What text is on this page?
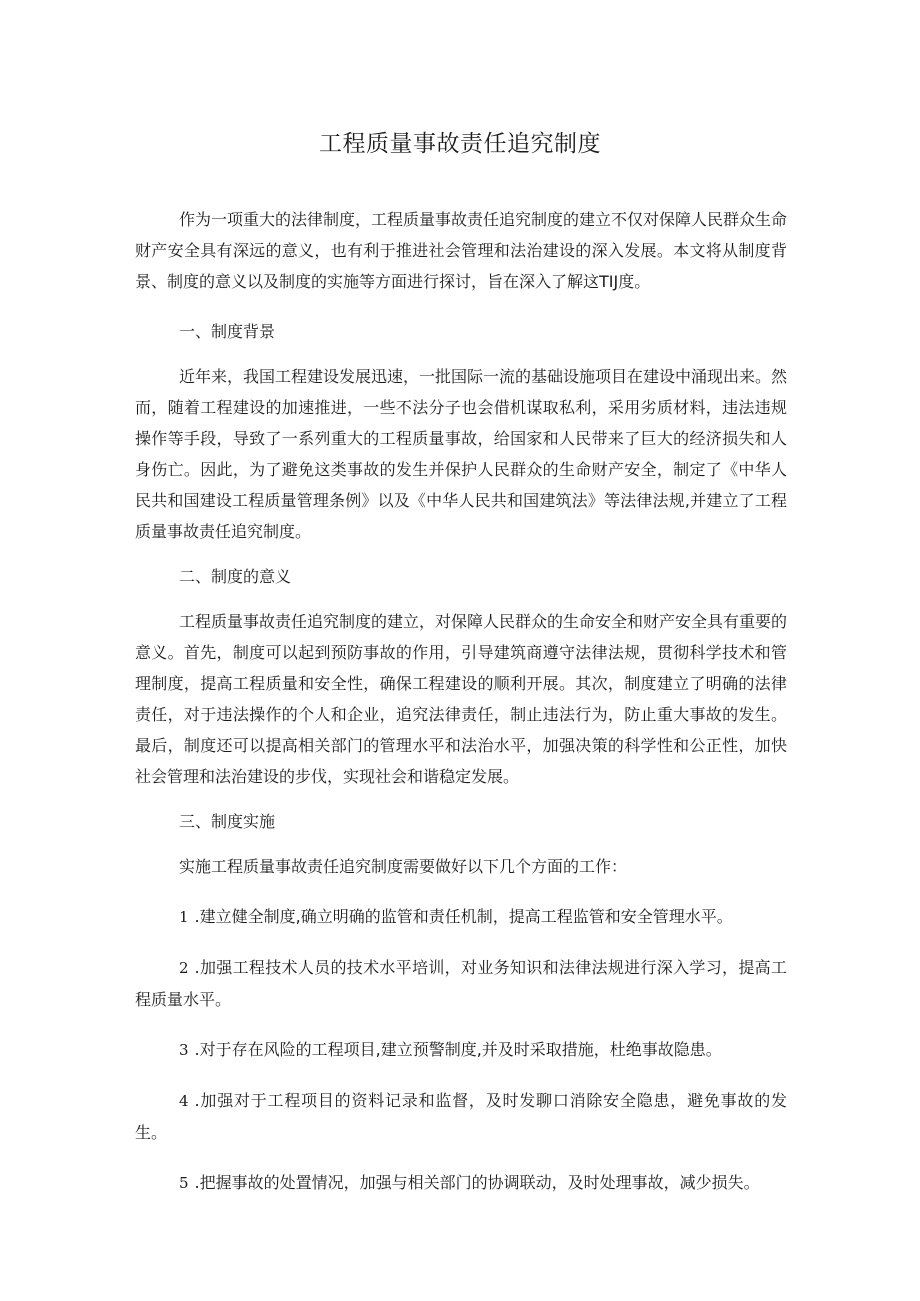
工程质量事故责任追究制度

作为一项重大的法律制度，工程质量事故责任追究制度的建立不仅对保障人民群众生命财产安全具有深远的意义，也有利于推进社会管理和法治建设的深入发展。本文将从制度背景、制度的意义以及制度的实施等方面进行探讨，旨在深入了解这TIJ度。

一、制度背景

近年来，我国工程建设发展迅速，一批国际一流的基础设施项目在建设中涌现出来。然而，随着工程建设的加速推进，一些不法分子也会借机谋取私利，采用劣质材料，违法违规操作等手段，导致了一系列重大的工程质量事故，给国家和人民带来了巨大的经济损失和人身伤亡。因此，为了避免这类事故的发生并保护人民群众的生命财产安全，制定了《中华人民共和国建设工程质量管理条例》以及《中华人民共和国建筑法》等法律法规,并建立了工程质量事故责任追究制度。

二、制度的意义

工程质量事故责任追究制度的建立，对保障人民群众的生命安全和财产安全具有重要的意义。首先，制度可以起到预防事故的作用，引导建筑商遵守法律法规，贯彻科学技术和管理制度，提高工程质量和安全性，确保工程建设的顺利开展。其次，制度建立了明确的法律责任，对于违法操作的个人和企业，追究法律责任，制止违法行为，防止重大事故的发生。最后，制度还可以提高相关部门的管理水平和法治水平，加强决策的科学性和公正性，加快社会管理和法治建设的步伐，实现社会和谐稳定发展。

三、制度实施

实施工程质量事故责任追究制度需要做好以下几个方面的工作：

1 .建立健全制度,确立明确的监管和责任机制，提高工程监管和安全管理水平。

2 .加强工程技术人员的技术水平培训，对业务知识和法律法规进行深入学习，提高工程质量水平。

3 .对于存在风险的工程项目,建立预警制度,并及时采取措施，杜绝事故隐患。

4 .加强对于工程项目的资料记录和监督，及时发聊口消除安全隐患，避免事故的发生。

5 .把握事故的处置情况，加强与相关部门的协调联动，及时处理事故，减少损失。
